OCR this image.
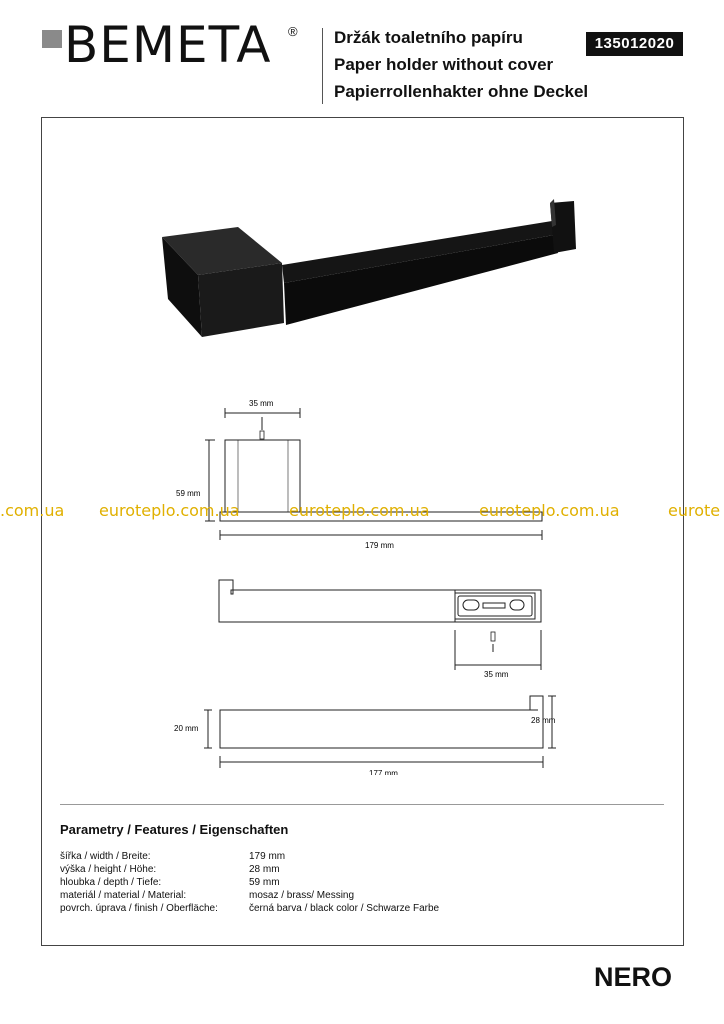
BEMETA ® Držák toaletního papíru
Paper holder without cover
Papierrollenhakter ohne Deckel
135012020
35 mm
59 mm
179 mm
35 mm
20 mm
28 mm
177 mm
.com.ua euroteplo.com.ua	euroteplo.com.ua	euroteplo.com.ua	eurote
Parametry / Features / Eigenschaften
šířka / width / Breite:	179 mm
výška / height / Höhe:	28 mm
hloubka / depth / Tiefe:	59 mm
materiál / material / Material:	mosaz / brass/ Messing
povrch. úprava / finish / Oberfläche:	černá barva / black color / Schwarze Farbe
NERO
